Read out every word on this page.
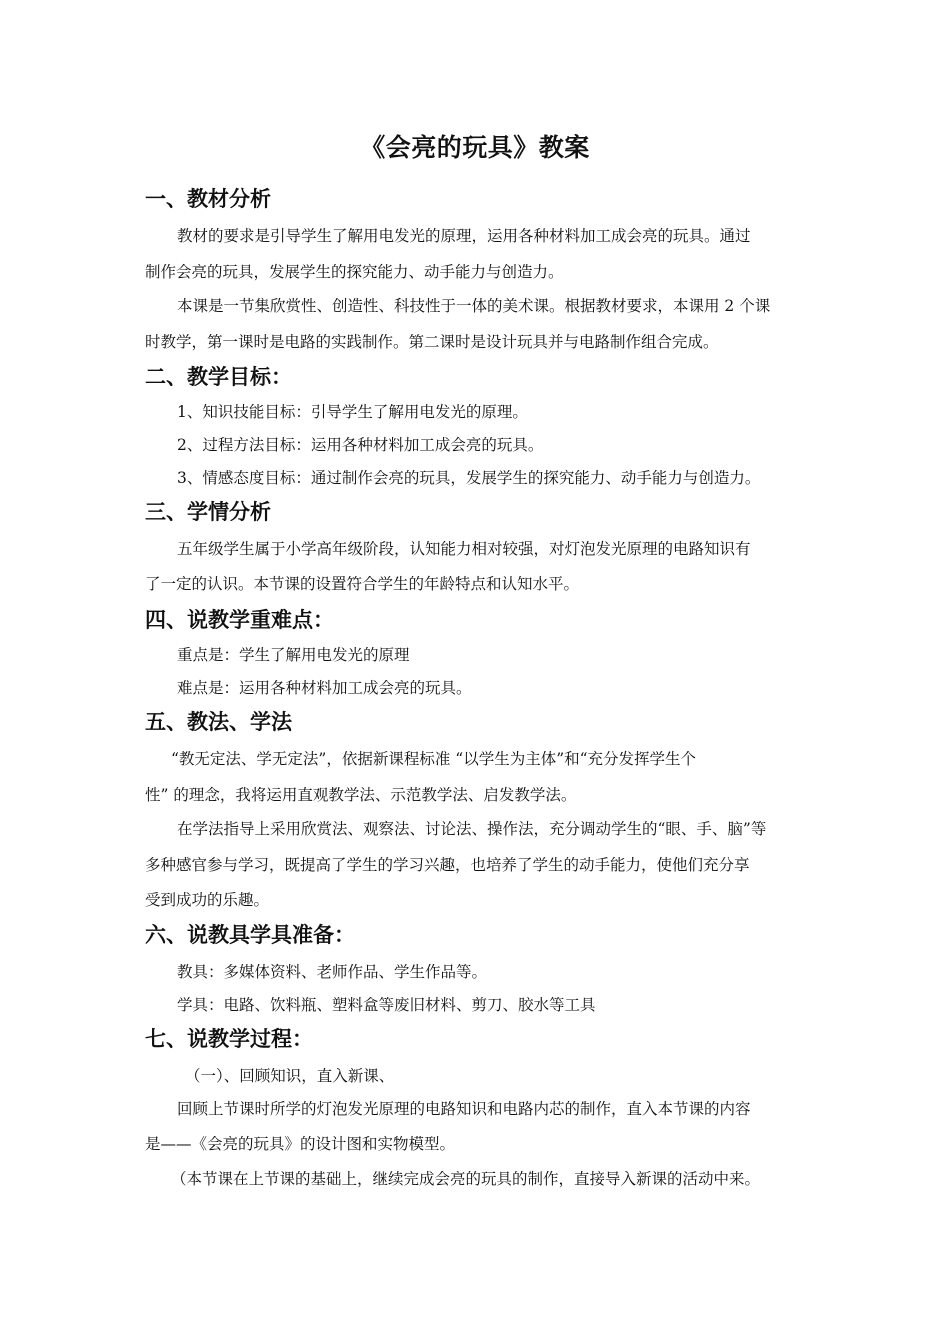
《会亮的玩具》教案
一、教材分析
教材的要求是引导学生了解用电发光的原理，运用各种材料加工成会亮的玩具。通过
制作会亮的玩具，发展学生的探究能力、动手能力与创造力。
本课是一节集欣赏性、创造性、科技性于一体的美术课。根据教材要求，本课用 2 个课
时教学，第一课时是电路的实践制作。第二课时是设计玩具并与电路制作组合完成。
二、教学目标：
1、知识技能目标：引导学生了解用电发光的原理。
2、过程方法目标：运用各种材料加工成会亮的玩具。
3、情感态度目标：通过制作会亮的玩具，发展学生的探究能力、动手能力与创造力。
三、学情分析
五年级学生属于小学高年级阶段，认知能力相对较强，对灯泡发光原理的电路知识有
了一定的认识。本节课的设置符合学生的年龄特点和认知水平。
四、说教学重难点：
重点是：学生了解用电发光的原理
难点是：运用各种材料加工成会亮的玩具。
五、教法、学法
“教无定法、学无定法”，依据新课程标准 “以学生为主体”和“充分发挥学生个
性” 的理念，我将运用直观教学法、示范教学法、启发教学法。
在学法指导上采用欣赏法、观察法、讨论法、操作法，充分调动学生的“眼、手、脑”等
多种感官参与学习，既提高了学生的学习兴趣，也培养了学生的动手能力，使他们充分享
受到成功的乐趣。
六、说教具学具准备：
教具：多媒体资料、老师作品、学生作品等。
学具：电路、饮料瓶、塑料盒等废旧材料、剪刀、胶水等工具
七、说教学过程：
（一）、回顾知识，直入新课、
回顾上节课时所学的灯泡发光原理的电路知识和电路内芯的制作，直入本节课的内容
是——《会亮的玩具》的设计图和实物模型。
（本节课在上节课的基础上，继续完成会亮的玩具的制作，直接导入新课的活动中来。
